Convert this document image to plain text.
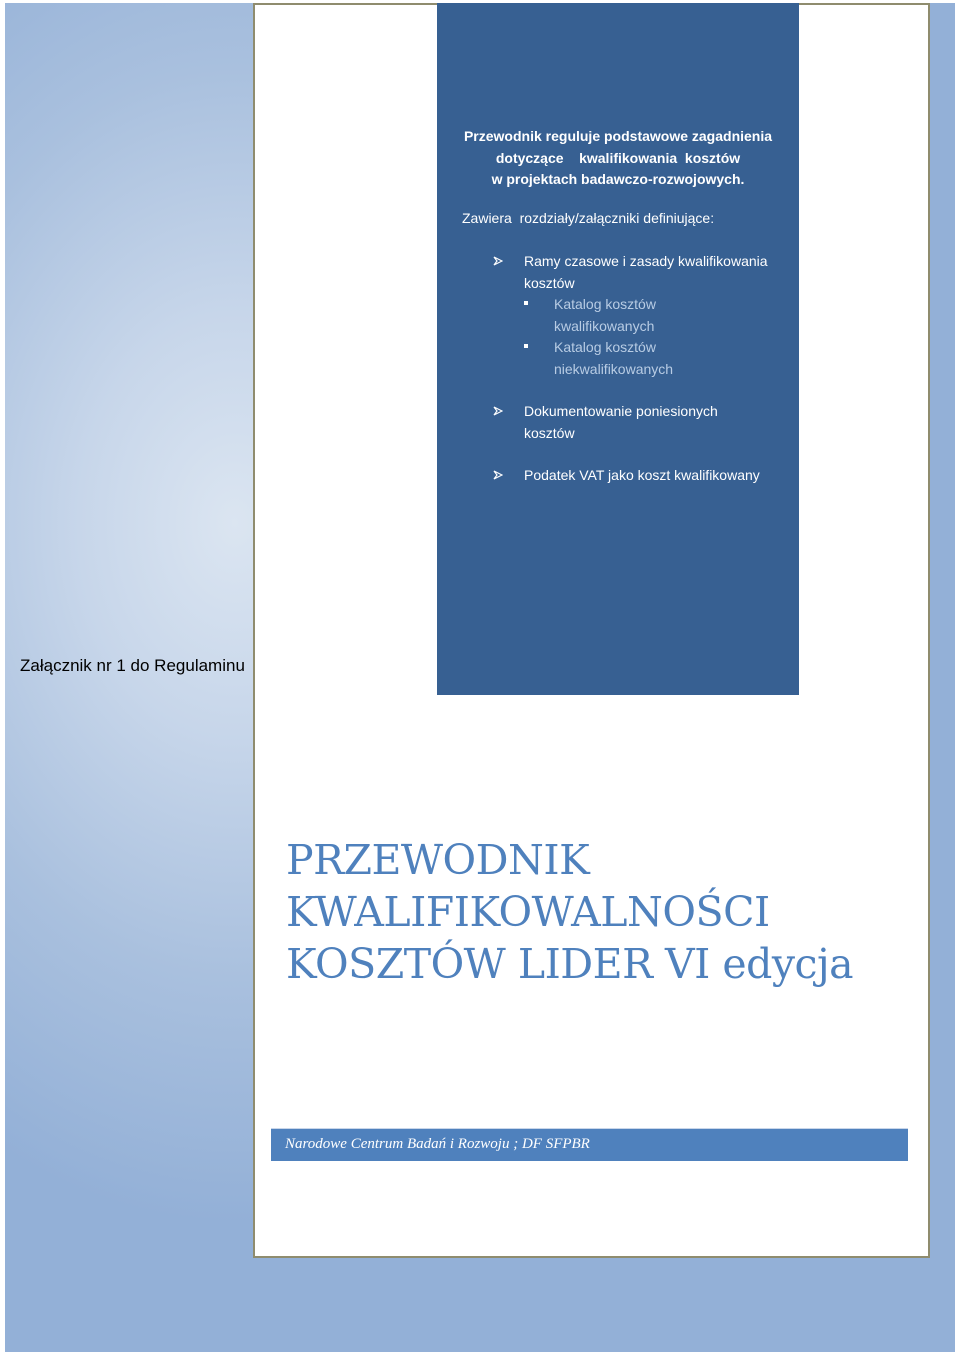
Przewodnik reguluje podstawowe zagadnienia
dotyczące    kwalifikowania  kosztów
w projektach badawczo-rozwojowych.
Zawiera  rozdziały/załączniki definiujące:
Ramy czasowe i zasady kwalifikowania
kosztów
Katalog kosztów
kwalifikowanych
Katalog kosztów
niekwalifikowanych
Dokumentowanie poniesionych
kosztów
Podatek VAT jako koszt kwalifikowany
Załącznik nr 1 do Regulaminu
PRZEWODNIK
KWALIFIKOWALNOŚCI
KOSZTÓW LIDER VI edycja
Narodowe Centrum Badań i Rozwoju ; DF SFPBR
